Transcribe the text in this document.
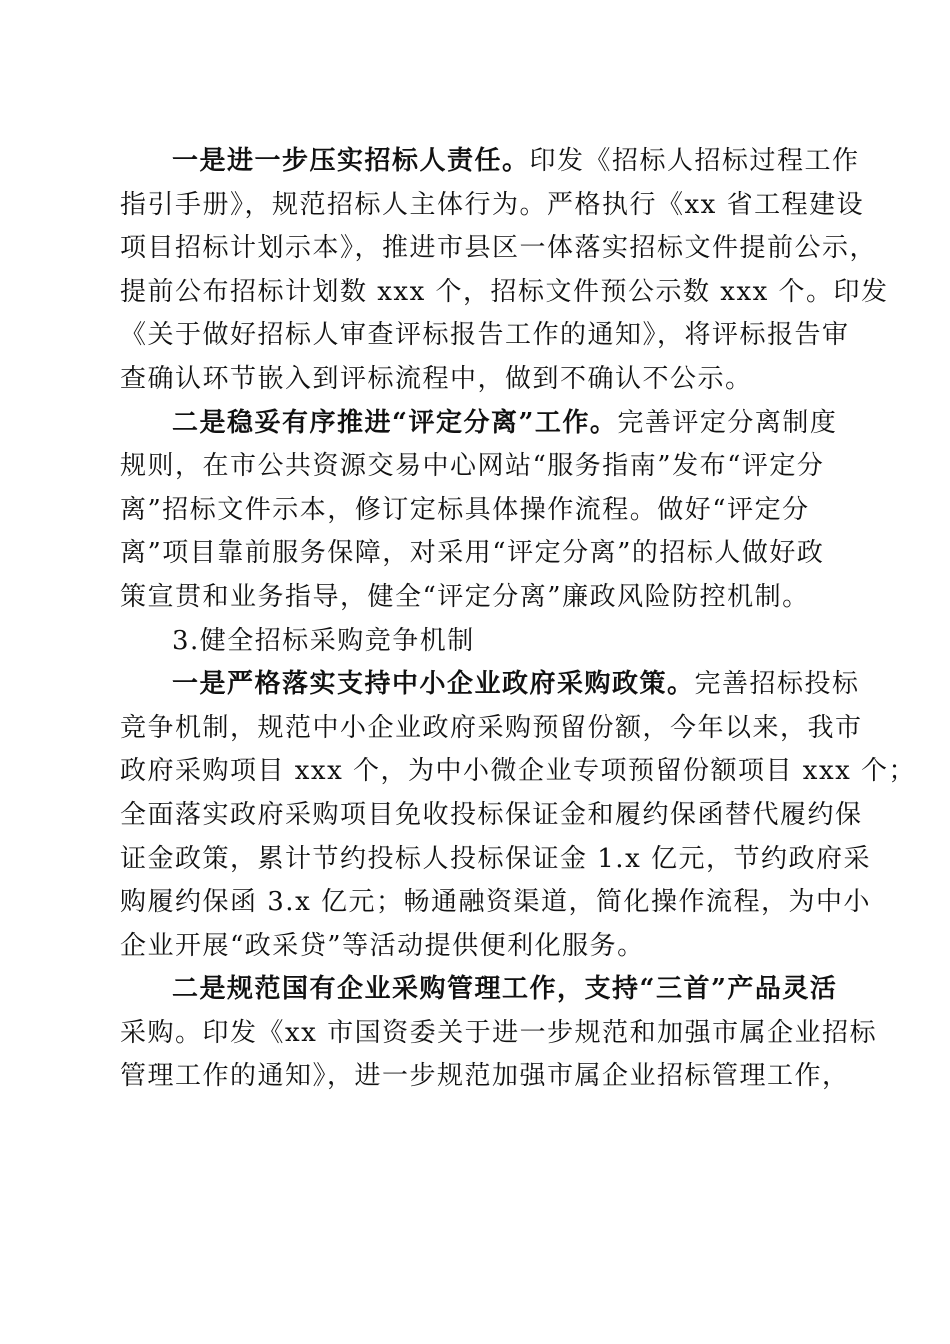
一是进一步压实招标人责任。印发《招标人招标过程工作
指引手册》，规范招标人主体行为。严格执行《xx 省工程建设
项目招标计划示本》，推进市县区一体落实招标文件提前公示，
提前公布招标计划数 xxx 个，招标文件预公示数 xxx 个。印发
《关于做好招标人审查评标报告工作的通知》，将评标报告审
查确认环节嵌入到评标流程中，做到不确认不公示。
二是稳妥有序推进“评定分离”工作。完善评定分离制度
规则，在市公共资源交易中心网站“服务指南”发布“评定分
离”招标文件示本，修订定标具体操作流程。做好“评定分
离”项目靠前服务保障，对采用“评定分离”的招标人做好政
策宣贯和业务指导，健全“评定分离”廉政风险防控机制。
3.健全招标采购竞争机制
一是严格落实支持中小企业政府采购政策。完善招标投标
竞争机制，规范中小企业政府采购预留份额，今年以来，我市
政府采购项目 xxx 个，为中小微企业专项预留份额项目 xxx 个；
全面落实政府采购项目免收投标保证金和履约保函替代履约保
证金政策，累计节约投标人投标保证金 1.x 亿元，节约政府采
购履约保函 3.x 亿元；畅通融资渠道，简化操作流程，为中小
企业开展“政采贷”等活动提供便利化服务。
二是规范国有企业采购管理工作，支持“三首”产品灵活
采购。印发《xx 市国资委关于进一步规范和加强市属企业招标
管理工作的通知》，进一步规范加强市属企业招标管理工作，
